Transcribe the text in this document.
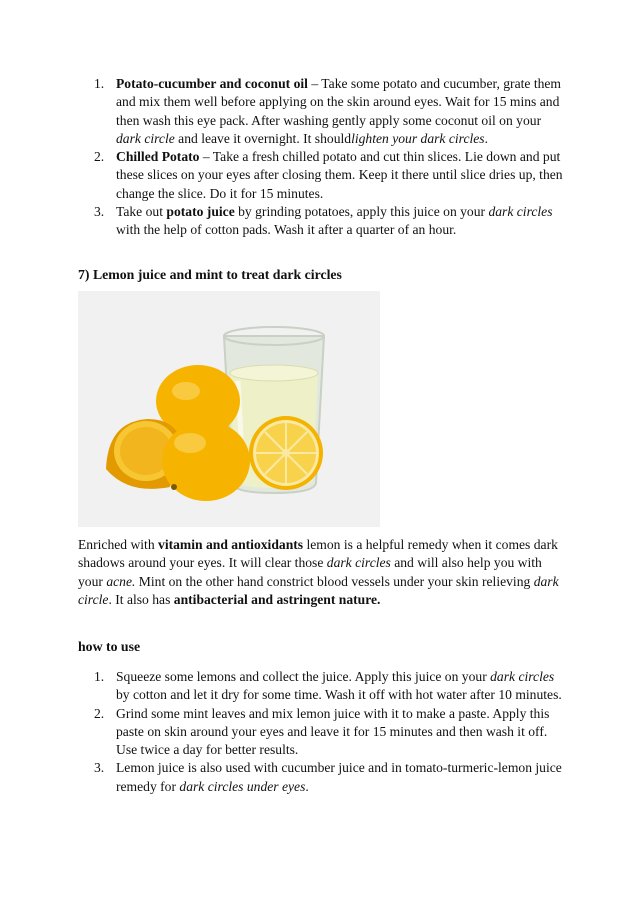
1. Potato-cucumber and coconut oil – Take some potato and cucumber, grate them and mix them well before applying on the skin around eyes. Wait for 15 mins and then wash this eye pack. After washing gently apply some coconut oil on your dark circle and leave it overnight. It shouldlighten your dark circles.
2. Chilled Potato – Take a fresh chilled potato and cut thin slices. Lie down and put these slices on your eyes after closing them. Keep it there until slice dries up, then change the slice. Do it for 15 minutes.
3. Take out potato juice by grinding potatoes, apply this juice on your dark circles with the help of cotton pads. Wash it after a quarter of an hour.
7) Lemon juice and mint to treat dark circles

Enriched with vitamin and antioxidants lemon is a helpful remedy when it comes dark shadows around your eyes. It will clear those dark circles and will also help you with your acne. Mint on the other hand constrict blood vessels under your skin relieving dark circle. It also has antibacterial and astringent nature.

how to use
1. Squeeze some lemons and collect the juice. Apply this juice on your dark circles by cotton and let it dry for some time. Wash it off with hot water after 10 minutes.
2. Grind some mint leaves and mix lemon juice with it to make a paste. Apply this paste on skin around your eyes and leave it for 15 minutes and then wash it off. Use twice a day for better results.
3. Lemon juice is also used with cucumber juice and in tomato-turmeric-lemon juice remedy for dark circles under eyes.
